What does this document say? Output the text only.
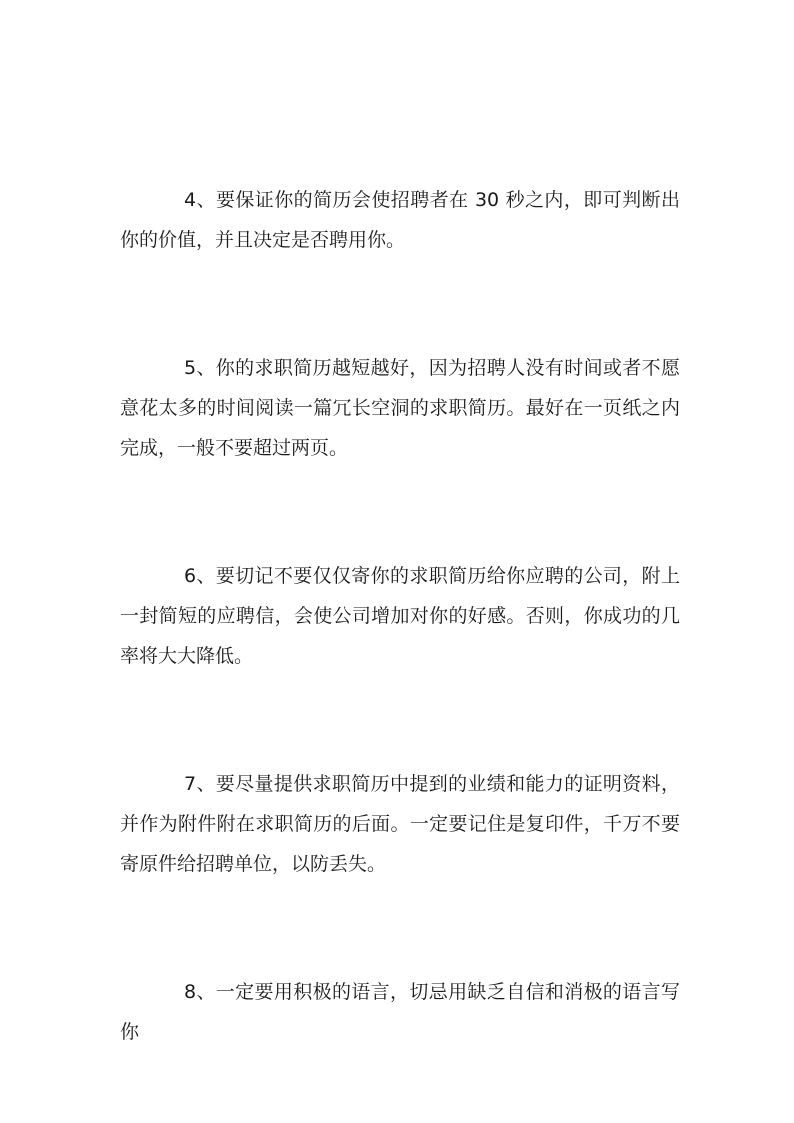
4、要保证你的简历会使招聘者在 30 秒之内，即可判断出你的价值，并且决定是否聘用你。

5、你的求职简历越短越好，因为招聘人没有时间或者不愿意花太多的时间阅读一篇冗长空洞的求职简历。最好在一页纸之内完成，一般不要超过两页。

6、要切记不要仅仅寄你的求职简历给你应聘的公司，附上一封简短的应聘信，会使公司增加对你的好感。否则，你成功的几率将大大降低。

7、要尽量提供求职简历中提到的业绩和能力的证明资料，并作为附件附在求职简历的后面。一定要记住是复印件，千万不要寄原件给招聘单位，以防丢失。

8、一定要用积极的语言，切忌用缺乏自信和消极的语言写你
